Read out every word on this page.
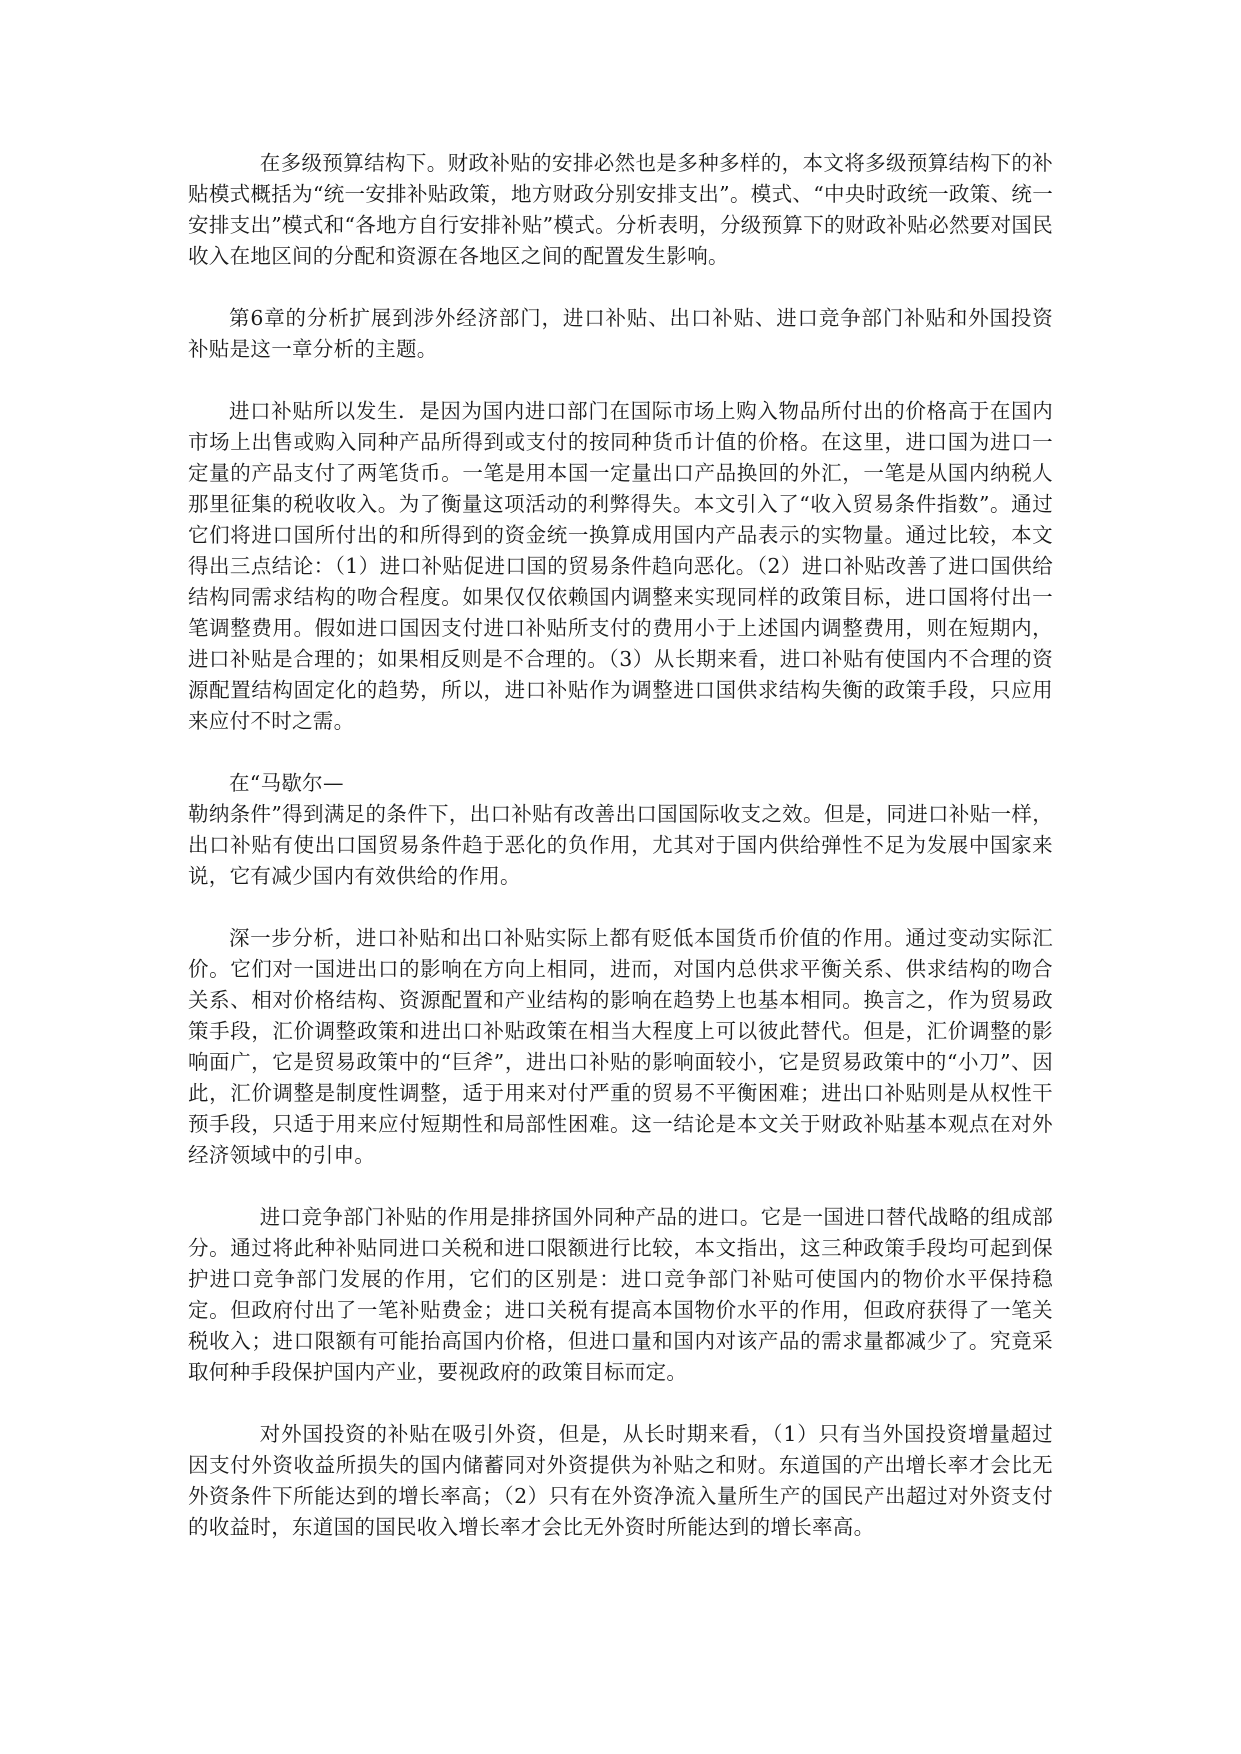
在多级预算结构下。财政补贴的安排必然也是多种多样的，本文将多级预算结构下的补贴模式概括为“统一安排补贴政策，地方财政分别安排支出”。模式、“中央时政统一政策、统一安排支出”模式和“各地方自行安排补贴”模式。分析表明，分级预算下的财政补贴必然要对国民收入在地区间的分配和资源在各地区之间的配置发生影响。

第6章的分析扩展到涉外经济部门，进口补贴、出口补贴、进口竞争部门补贴和外国投资补贴是这一章分析的主题。

进口补贴所以发生．是因为国内进口部门在国际市场上购入物品所付出的价格高于在国内市场上出售或购入同种产品所得到或支付的按同种货币计值的价格。在这里，进口国为进口一定量的产品支付了两笔货币。一笔是用本国一定量出口产品换回的外汇，一笔是从国内纳税人那里征集的税收收入。为了衡量这项活动的利弊得失。本文引入了“收入贸易条件指数”。通过它们将进口国所付出的和所得到的资金统一换算成用国内产品表示的实物量。通过比较，本文得出三点结论：（1）进口补贴促进口国的贸易条件趋向恶化。（2）进口补贴改善了进口国供给结构同需求结构的吻合程度。如果仅仅依赖国内调整来实现同样的政策目标，进口国将付出一笔调整费用。假如进口国因支付进口补贴所支付的费用小于上述国内调整费用，则在短期内，进口补贴是合理的；如果相反则是不合理的。（3）从长期来看，进口补贴有使国内不合理的资源配置结构固定化的趋势，所以，进口补贴作为调整进口国供求结构失衡的政策手段，只应用来应付不时之需。

在“马歇尔—
勒纳条件”得到满足的条件下，出口补贴有改善出口国国际收支之效。但是，同进口补贴一样，出口补贴有使出口国贸易条件趋于恶化的负作用，尤其对于国内供给弹性不足为发展中国家来说，它有减少国内有效供给的作用。

深一步分析，进口补贴和出口补贴实际上都有贬低本国货币价值的作用。通过变动实际汇价。它们对一国进出口的影响在方向上相同，进而，对国内总供求平衡关系、供求结构的吻合关系、相对价格结构、资源配置和产业结构的影响在趋势上也基本相同。换言之，作为贸易政策手段，汇价调整政策和进出口补贴政策在相当大程度上可以彼此替代。但是，汇价调整的影响面广，它是贸易政策中的“巨斧”，进出口补贴的影响面较小，它是贸易政策中的“小刀”、因此，汇价调整是制度性调整，适于用来对付严重的贸易不平衡困难；进出口补贴则是从权性干预手段，只适于用来应付短期性和局部性困难。这一结论是本文关于财政补贴基本观点在对外经济领域中的引申。

进口竞争部门补贴的作用是排挤国外同种产品的进口。它是一国进口替代战略的组成部分。通过将此种补贴同进口关税和进口限额进行比较，本文指出，这三种政策手段均可起到保护进口竞争部门发展的作用，它们的区别是：进口竞争部门补贴可使国内的物价水平保持稳定。但政府付出了一笔补贴费金；进口关税有提高本国物价水平的作用，但政府获得了一笔关税收入；进口限额有可能抬高国内价格，但进口量和国内对该产品的需求量都减少了。究竟采取何种手段保护国内产业，要视政府的政策目标而定。

对外国投资的补贴在吸引外资，但是，从长时期来看，（1）只有当外国投资增量超过因支付外资收益所损失的国内储蓄同对外资提供为补贴之和财。东道国的产出增长率才会比无外资条件下所能达到的增长率高；（2）只有在外资净流入量所生产的国民产出超过对外资支付的收益时，东道国的国民收入增长率才会比无外资时所能达到的增长率高。
